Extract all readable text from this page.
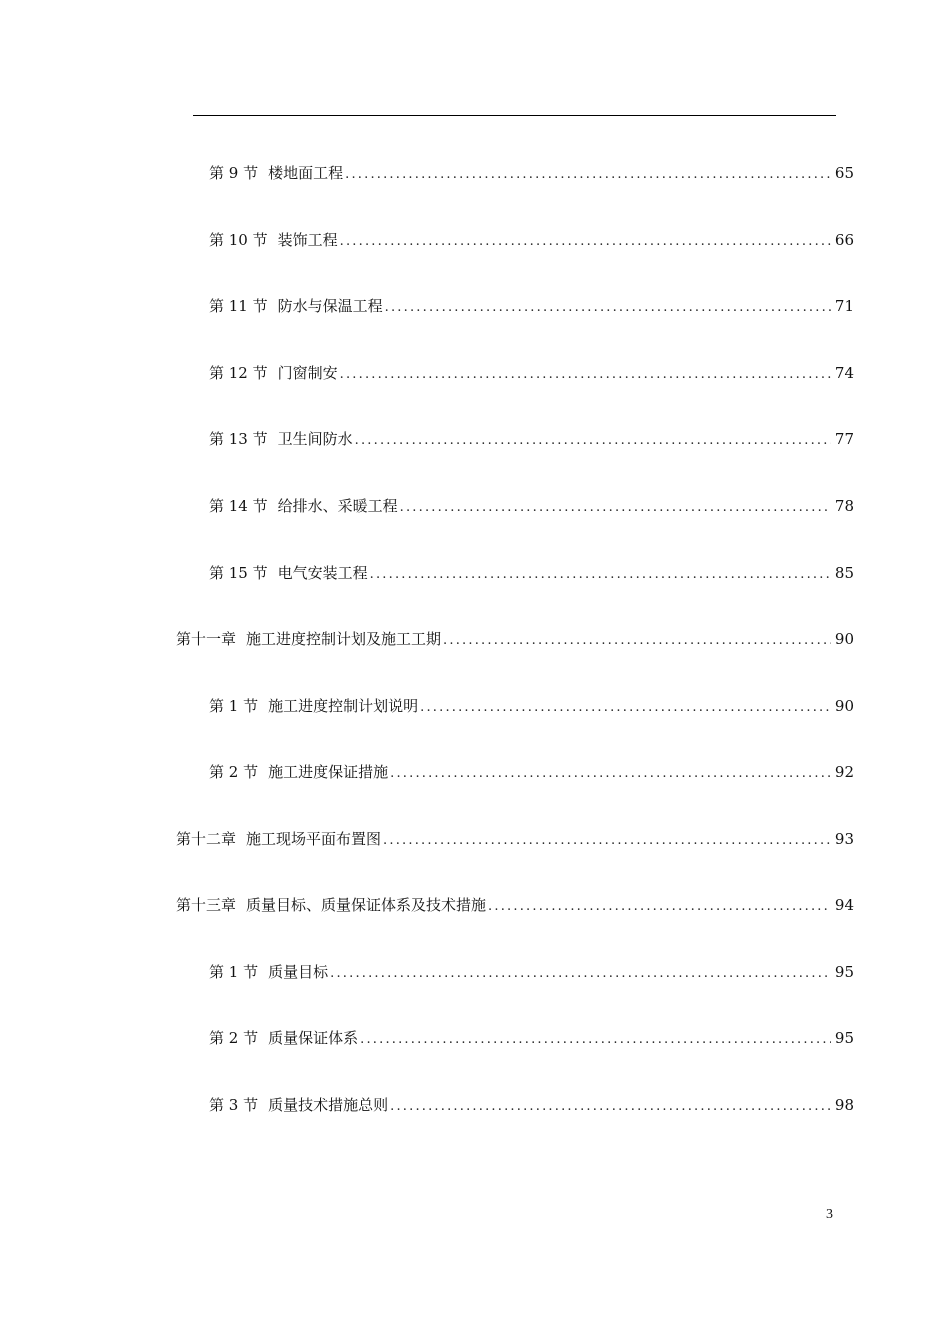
第 9 节 楼地面工程 .....	65
第 10 节 装饰工程 .....	66
第 11 节 防水与保温工程 .....	71
第 12 节 门窗制安 .....	74
第 13 节 卫生间防水 .....	77
第 14 节 给排水、采暖工程 .....	78
第 15 节 电气安装工程 .....	85
第十一章 施工进度控制计划及施工工期 .....	90
第 1 节 施工进度控制计划说明 .....	90
第 2 节 施工进度保证措施 .....	92
第十二章 施工现场平面布置图 .....	93
第十三章 质量目标、质量保证体系及技术措施 .....	94
第 1 节 质量目标 .....	95
第 2 节 质量保证体系 .....	95
第 3 节 质量技术措施总则 .....	98
3
